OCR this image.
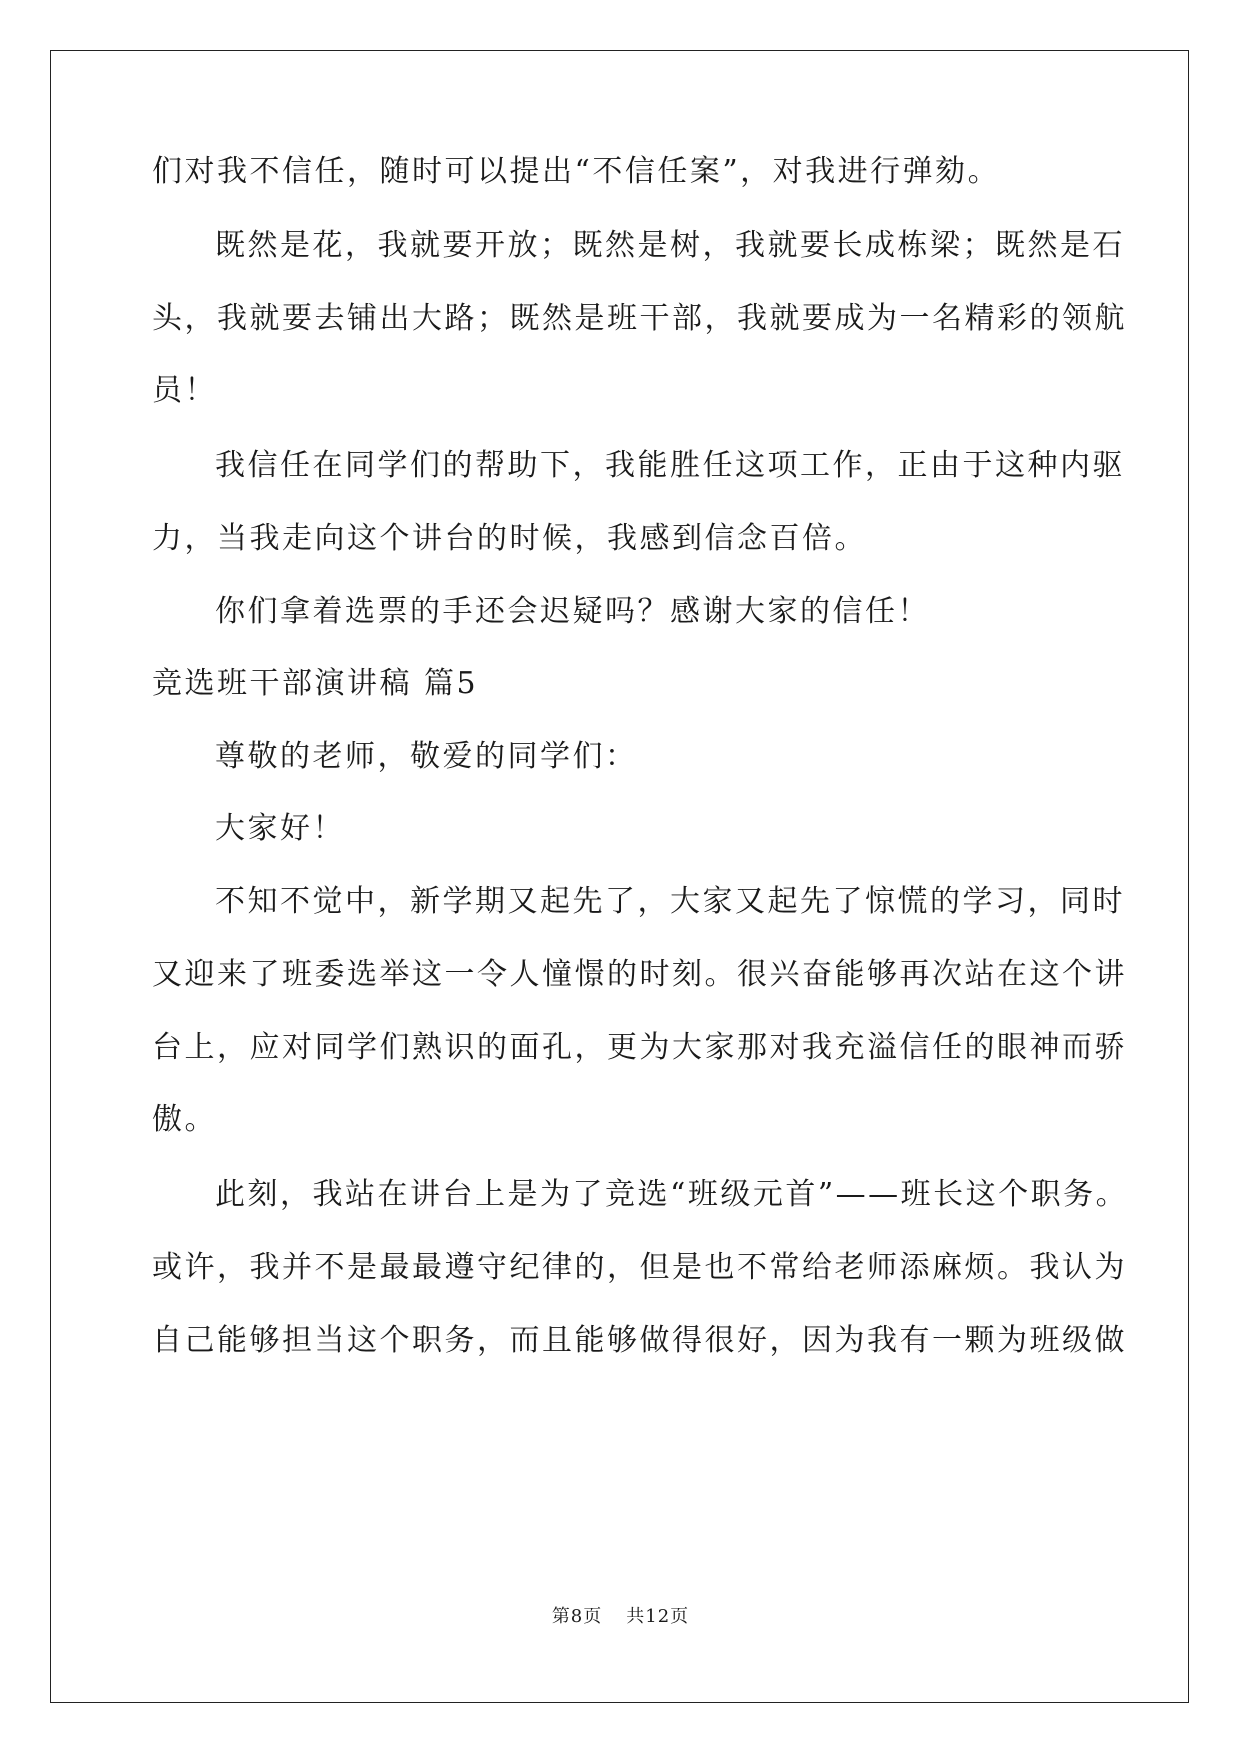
们对我不信任，随时可以提出“不信任案”，对我进行弹劾。
既然是花，我就要开放；既然是树，我就要长成栋梁；既然是石
头，我就要去铺出大路；既然是班干部，我就要成为一名精彩的领航
员！
我信任在同学们的帮助下，我能胜任这项工作，正由于这种内驱
力，当我走向这个讲台的时候，我感到信念百倍。
你们拿着选票的手还会迟疑吗？感谢大家的信任！
竞选班干部演讲稿 篇5
尊敬的老师，敬爱的同学们：
大家好！
不知不觉中，新学期又起先了，大家又起先了惊慌的学习，同时
又迎来了班委选举这一令人憧憬的时刻。很兴奋能够再次站在这个讲
台上，应对同学们熟识的面孔，更为大家那对我充溢信任的眼神而骄
傲。
此刻，我站在讲台上是为了竞选“班级元首”——班长这个职务。
或许，我并不是最最遵守纪律的，但是也不常给老师添麻烦。我认为
自己能够担当这个职务，而且能够做得很好，因为我有一颗为班级做
第8页 共12页
